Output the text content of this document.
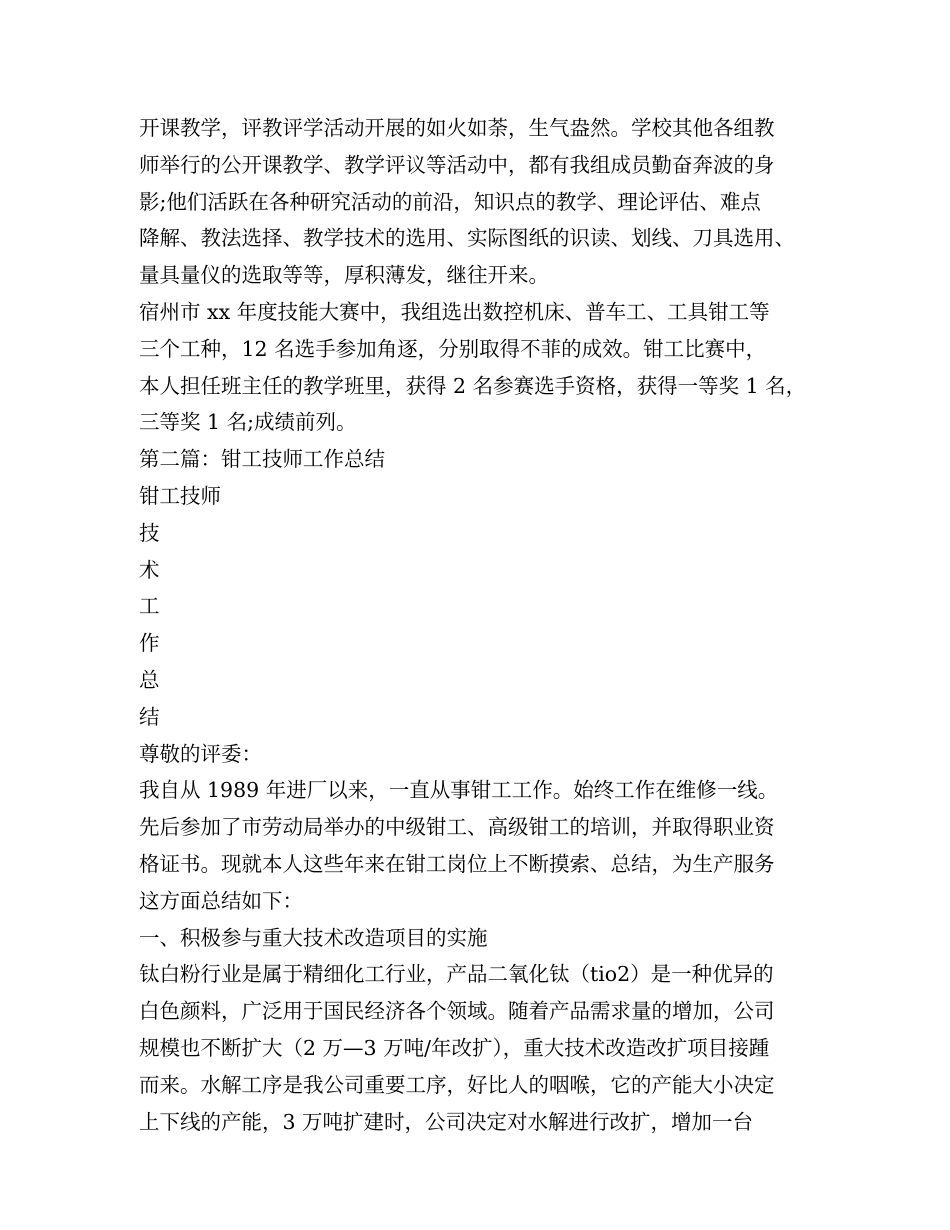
开课教学，评教评学活动开展的如火如荼，生气盎然。学校其他各组教
师举行的公开课教学、教学评议等活动中，都有我组成员勤奋奔波的身
影;他们活跃在各种研究活动的前沿，知识点的教学、理论评估、难点
降解、教法选择、教学技术的选用、实际图纸的识读、划线、刀具选用、
量具量仪的选取等等，厚积薄发，继往开来。
宿州市 xx 年度技能大赛中，我组选出数控机床、普车工、工具钳工等
三个工种，12 名选手参加角逐，分别取得不菲的成效。钳工比赛中，
本人担任班主任的教学班里，获得 2 名参赛选手资格，获得一等奖 1 名，
三等奖 1 名;成绩前列。
第二篇：钳工技师工作总结
钳工技师
技
术
工
作
总
结
尊敬的评委：
我自从 1989 年进厂以来，一直从事钳工工作。始终工作在维修一线。
先后参加了市劳动局举办的中级钳工、高级钳工的培训，并取得职业资
格证书。现就本人这些年来在钳工岗位上不断摸索、总结，为生产服务
这方面总结如下：
一、积极参与重大技术改造项目的实施
钛白粉行业是属于精细化工行业，产品二氧化钛（tio2）是一种优异的
白色颜料，广泛用于国民经济各个领域。随着产品需求量的增加，公司
规模也不断扩大（2 万—3 万吨/年改扩），重大技术改造改扩项目接踵
而来。水解工序是我公司重要工序，好比人的咽喉，它的产能大小决定
上下线的产能，3 万吨扩建时，公司决定对水解进行改扩，增加一台
